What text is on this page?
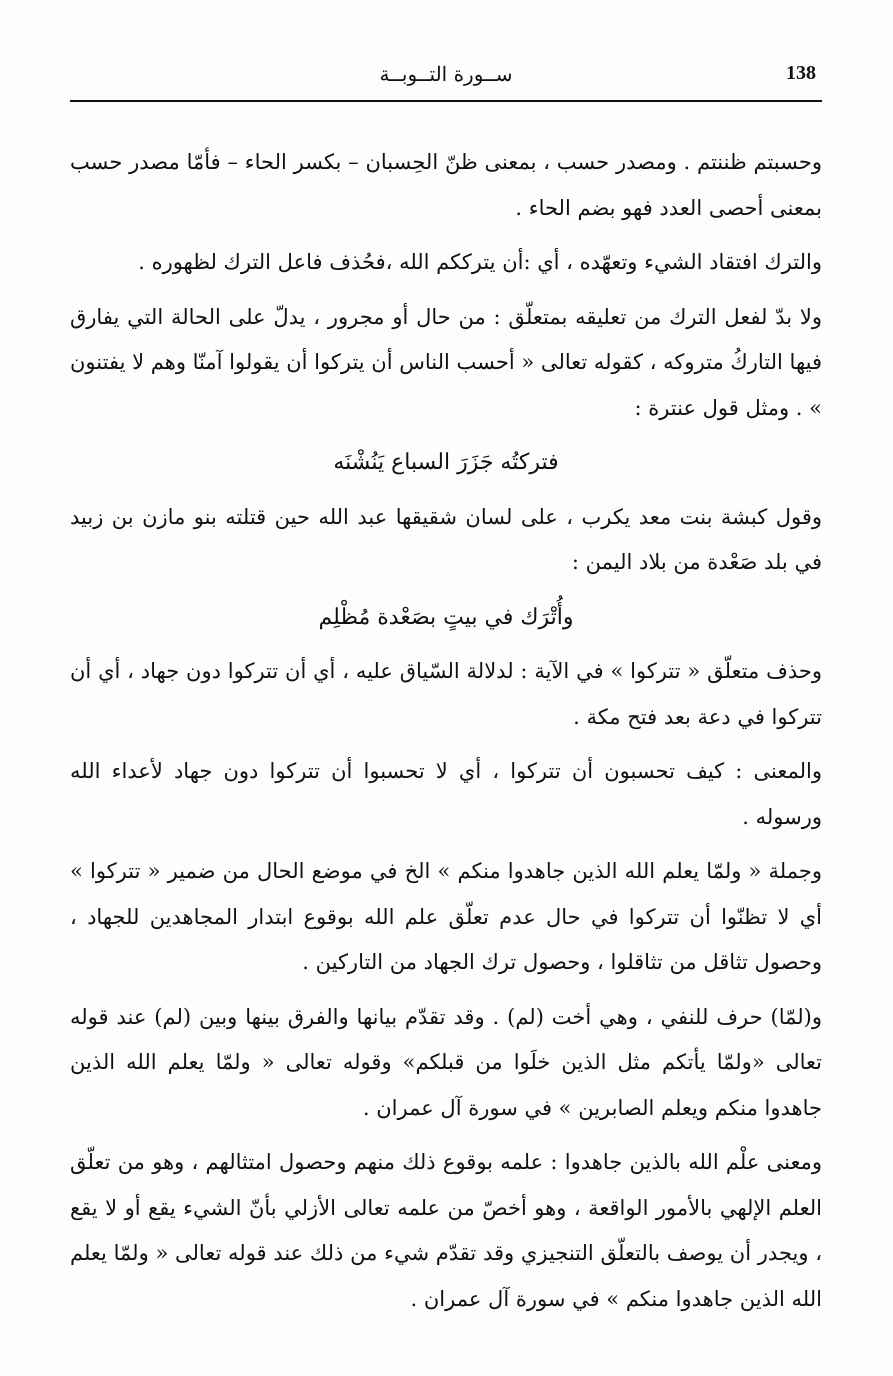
138
ســورة التــوبــة

وحسبتم ظننتم . ومصدر حسب ، بمعنى ظنّ الحِسبان – بكسر الحاء – فأمّا مصدر حسب بمعنى أحصى العدد فهو بضم الحاء .

والترك افتقاد الشيء وتعهّده ، أي :أن يترككم الله ،فحُذف فاعل الترك لظهوره .

ولا بدّ لفعل الترك من تعليقه بمتعلّق : من حال أو مجرور ، يدلّ على الحالة التي يفارق فيها التاركُ متروكه ، كقوله تعالى « أحسب الناس أن يتركوا أن يقولوا آمنّا وهم لا يفتنون » . ومثل قول عنترة :

فتركتُه جَزَرَ السباع يَنُشْنَه

وقول كبشة بنت معد يكرب ، على لسان شقيقها عبد الله حين قتلته بنو مازن بن زبيد في بلد صَعْدة من بلاد اليمن :

وأُتْرَك في بيتٍ بصَعْدة مُظْلِم

وحذف متعلّق « تتركوا » في الآية : لدلالة السّياق عليه ، أي أن تتركوا دون جهاد ، أي أن تتركوا في دعة بعد فتح مكة .

والمعنى : كيف تحسبون أن تتركوا ، أي لا تحسبوا أن تتركوا دون جهاد لأعداء الله ورسوله .

وجملة « ولمّا يعلم الله الذين جاهدوا منكم » الخ في موضع الحال من ضمير « تتركوا » أي لا تظنّوا أن تتركوا في حال عدم تعلّق علم الله بوقوع ابتدار المجاهدين للجهاد ، وحصول تثاقل من تثاقلوا ، وحصول ترك الجهاد من التاركين .

و(لمّا) حرف للنفي ، وهي أخت (لم) . وقد تقدّم بيانها والفرق بينها وبين (لم) عند قوله تعالى «ولمّا يأتكم مثل الذين خلَوا من قبلكم» وقوله تعالى « ولمّا يعلم الله الذين جاهدوا منكم ويعلم الصابرين » في سورة آل عمران .

ومعنى علْم الله بالذين جاهدوا : علمه بوقوع ذلك منهم وحصول امتثالهم ، وهو من تعلّق العلم الإلهي بالأمور الواقعة ، وهو أخصّ من علمه تعالى الأزلي بأنّ الشيء يقع أو لا يقع ، ويجدر أن يوصف بالتعلّق التنجيزي وقد تقدّم شيء من ذلك عند قوله تعالى « ولمّا يعلم الله الذين جاهدوا منكم » في سورة آل عمران .
